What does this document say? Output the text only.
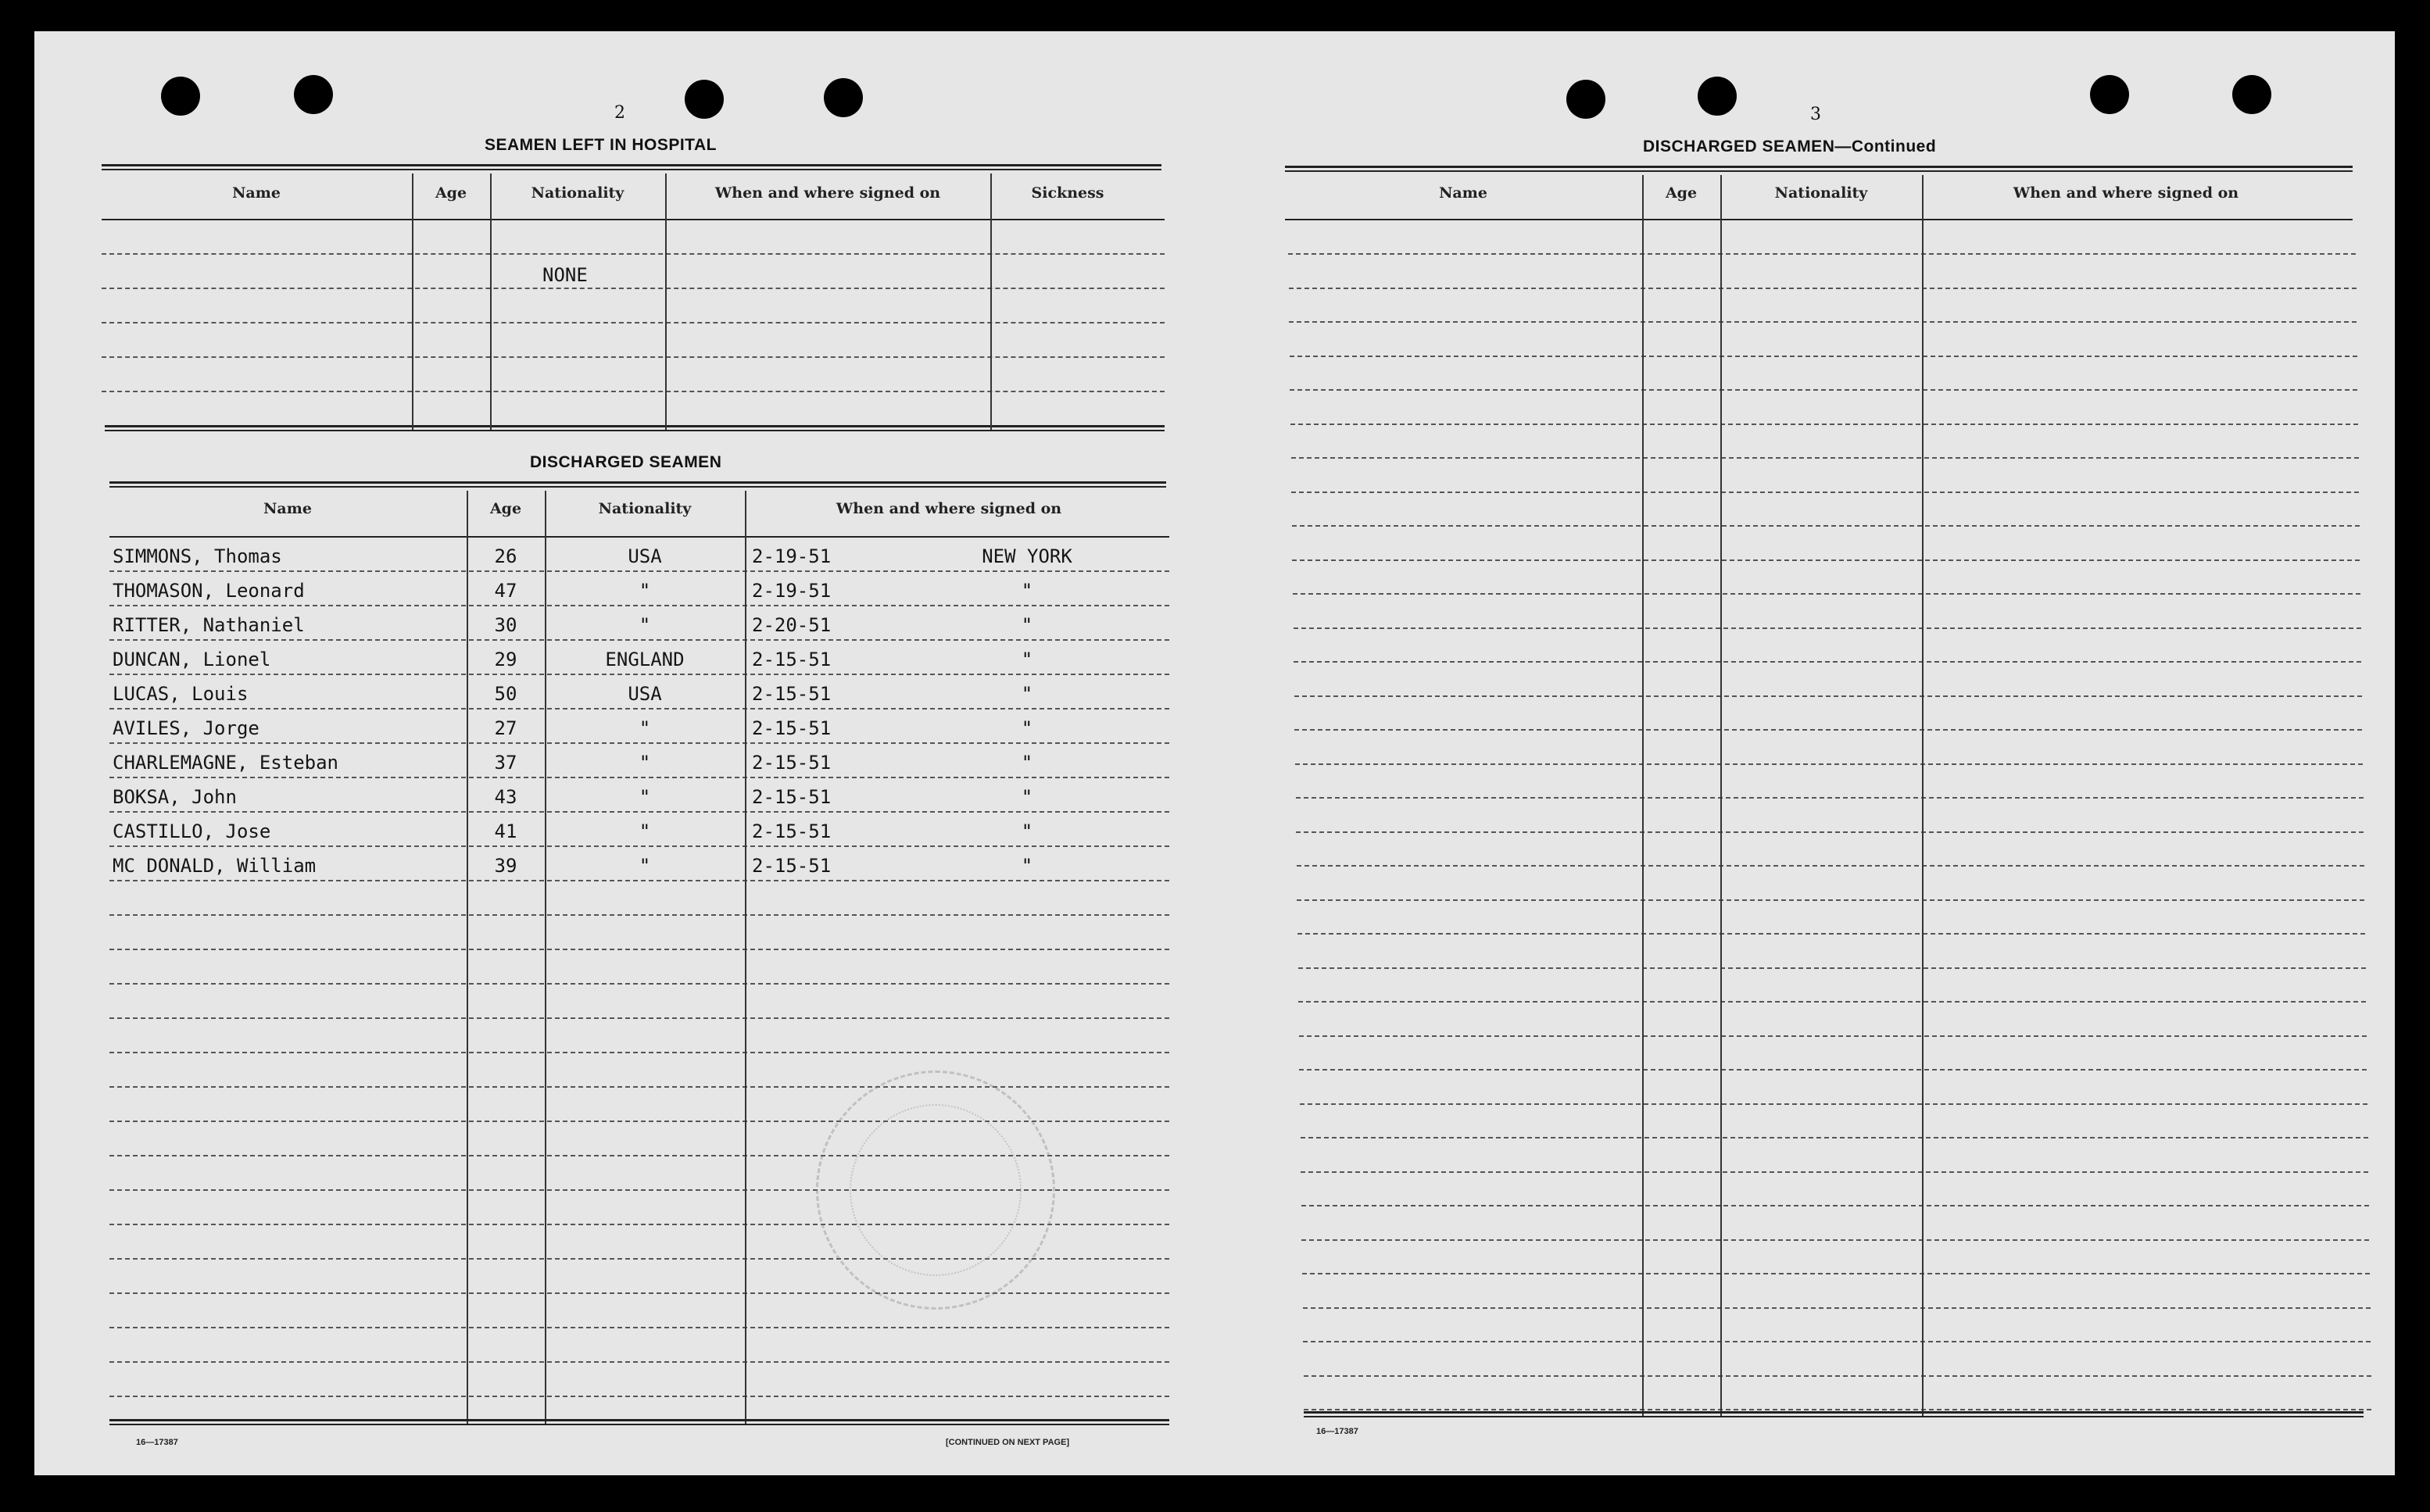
2
SEAMEN LEFT IN HOSPITAL
Name	Age	Nationality	When and where signed on	Sickness
NONE
DISCHARGED SEAMEN
Name	Age	Nationality	When and where signed on
SIMMONS, Thomas	26	USA	2-19-51	NEW YORK
THOMASON, Leonard	47	"	2-19-51	"
RITTER, Nathaniel	30	"	2-20-51	"
DUNCAN, Lionel	29	ENGLAND	2-15-51	"
LUCAS, Louis	50	USA	2-15-51	"
AVILES, Jorge	27	"	2-15-51	"
CHARLEMAGNE, Esteban	37	"	2-15-51	"
BOKSA, John	43	"	2-15-51	"
CASTILLO, Jose	41	"	2-15-51	"
MC DONALD, William	39	"	2-15-51	"
16—17387	[CONTINUED ON NEXT PAGE]
3
DISCHARGED SEAMEN—Continued
Name	Age	Nationality	When and where signed on
16—17387
